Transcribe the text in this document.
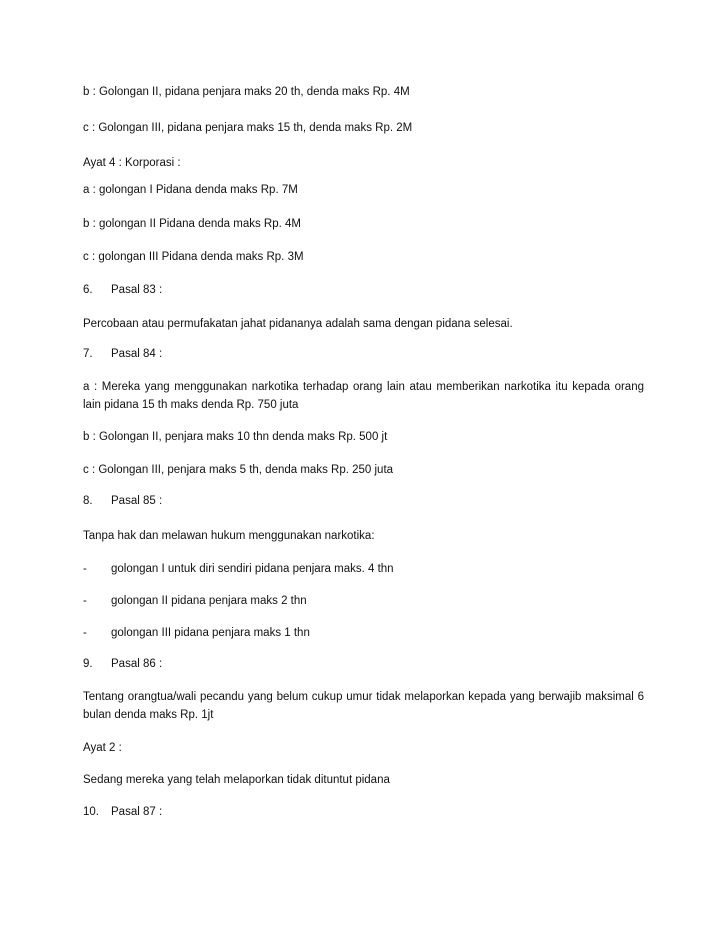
b : Golongan II, pidana penjara maks 20 th, denda maks Rp. 4M
c : Golongan III, pidana penjara maks 15 th, denda maks Rp. 2M
Ayat 4 : Korporasi :
a : golongan I Pidana denda maks Rp. 7M
b : golongan II Pidana denda maks Rp. 4M
c : golongan III Pidana denda maks Rp. 3M
6. Pasal 83 :
Percobaan atau permufakatan jahat pidananya adalah sama dengan pidana selesai.
7. Pasal 84 :
a : Mereka yang menggunakan narkotika terhadap orang lain atau memberikan narkotika itu kepada orang lain pidana 15 th maks denda Rp. 750 juta
b : Golongan II, penjara maks 10 thn denda maks Rp. 500 jt
c : Golongan III, penjara maks 5 th, denda maks Rp. 250 juta
8. Pasal 85 :
Tanpa hak dan melawan hukum menggunakan narkotika:
- golongan I untuk diri sendiri pidana penjara maks. 4 thn
- golongan II pidana penjara maks 2 thn
- golongan III pidana penjara maks 1 thn
9. Pasal 86 :
Tentang orangtua/wali pecandu yang belum cukup umur tidak melaporkan kepada yang berwajib maksimal 6 bulan denda maks Rp. 1jt
Ayat 2 :
Sedang mereka yang telah melaporkan tidak dituntut pidana
10. Pasal 87 :
